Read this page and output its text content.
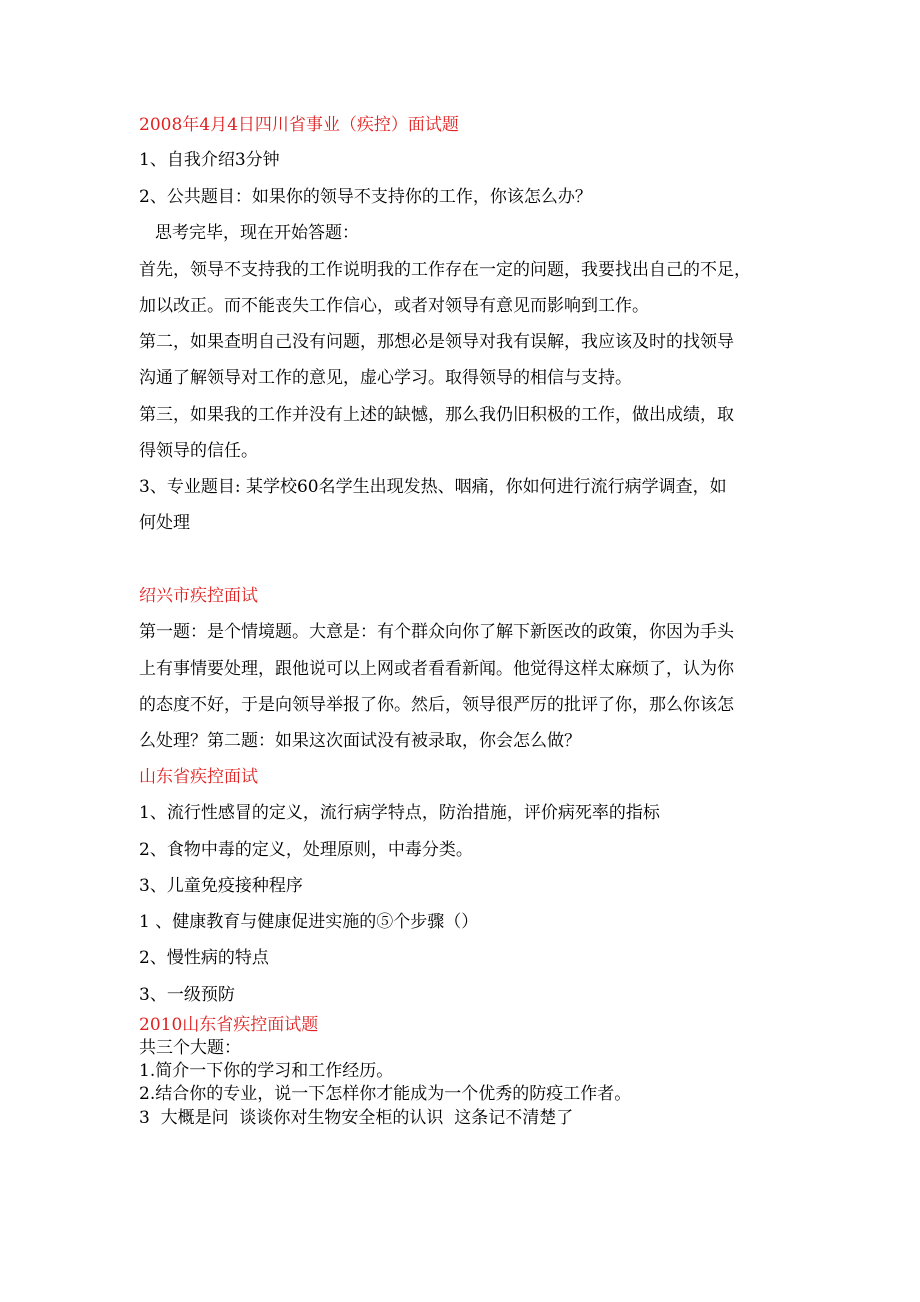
2008年4月4日四川省事业（疾控）面试题

1、自我介绍3分钟

2、公共题目：如果你的领导不支持你的工作，你该怎么办？

思考完毕，现在开始答题：

首先，领导不支持我的工作说明我的工作存在一定的问题，我要找出自己的不足，

加以改正。而不能丧失工作信心，或者对领导有意见而影响到工作。

第二，如果查明自己没有问题，那想必是领导对我有误解，我应该及时的找领导

沟通了解领导对工作的意见，虚心学习。取得领导的相信与支持。

第三，如果我的工作并没有上述的缺憾，那么我仍旧积极的工作，做出成绩，取

得领导的信任。

3、专业题目: 某学校60名学生出现发热、咽痛，你如何进行流行病学调查，如

何处理

绍兴市疾控面试

第一题：是个情境题。大意是：有个群众向你了解下新医改的政策，你因为手头

上有事情要处理，跟他说可以上网或者看看新闻。他觉得这样太麻烦了，认为你

的态度不好，于是向领导举报了你。然后，领导很严厉的批评了你，那么你该怎

么处理？第二题：如果这次面试没有被录取，你会怎么做？

山东省疾控面试

1、流行性感冒的定义，流行病学特点，防治措施，评价病死率的指标

2、食物中毒的定义，处理原则，中毒分类。

3、儿童免疫接种程序

1 、健康教育与健康促进实施的⑤个步骤（）

2、慢性病的特点

3、一级预防

2010山东省疾控面试题

共三个大题：

1.简介一下你的学习和工作经历。

2.结合你的专业，说一下怎样你才能成为一个优秀的防疫工作者。

3  大概是问  谈谈你对生物安全柜的认识  这条记不清楚了
